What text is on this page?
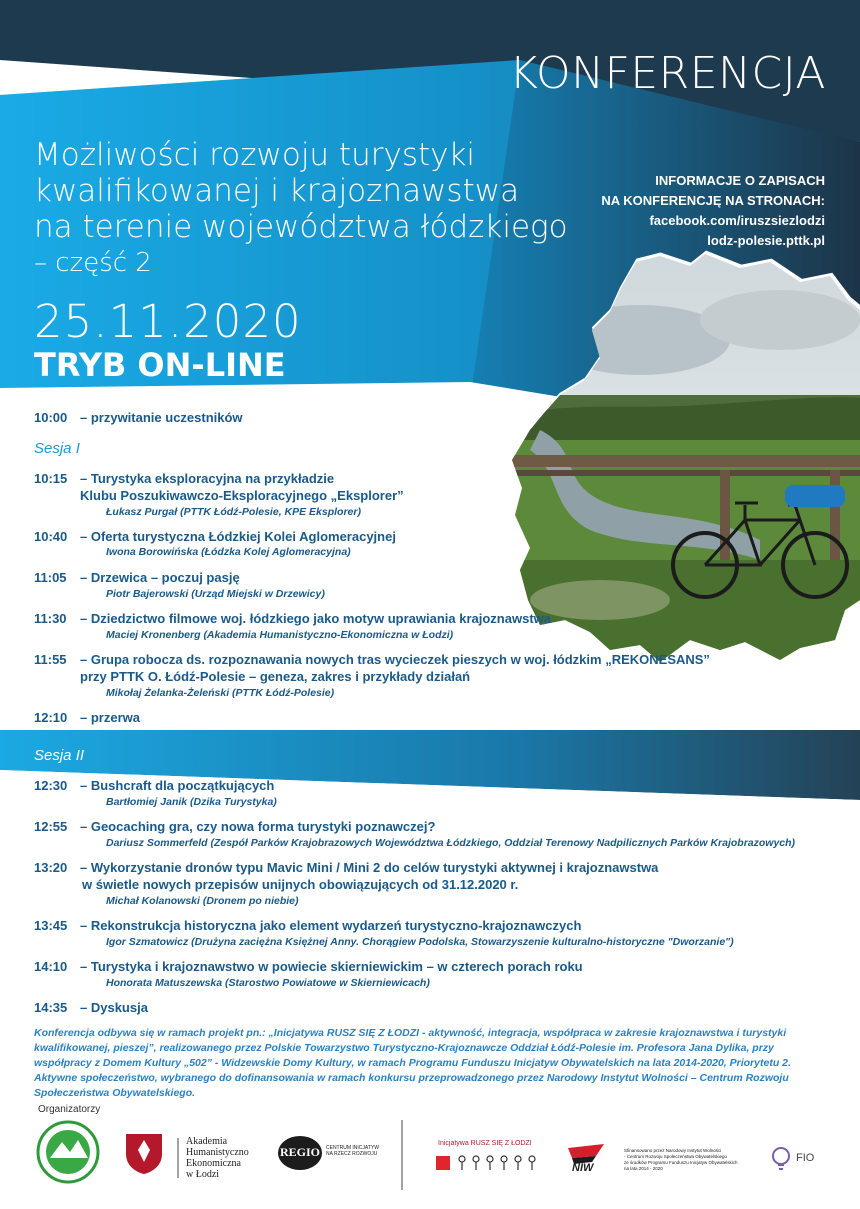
KONFERENCJA
Możliwości rozwoju turystyki
kwalifikowanej i krajoznawstwa
na terenie województwa łódzkiego
– część 2
25.11.2020
TRYB ON-LINE
INFORMACJE O ZAPISACH
NA KONFERENCJĘ NA STRONACH:
facebook.com/iruszsiezlodzi
lodz-polesie.pttk.pl
10:00 – przywitanie uczestników
Sesja I
10:15 – Turystyka eksploracyjna na przykładzie
Klubu Poszukiwawczo-Eksploracyjnego „Eksplorer”
Łukasz Purgał (PTTK Łódź-Polesie, KPE Eksplorer)
10:40 – Oferta turystyczna Łódzkiej Kolei Aglomeracyjnej
Iwona Borowińska (Łódzka Kolej Aglomeracyjna)
11:05 – Drzewica – poczuj pasję
Piotr Bajerowski (Urząd Miejski w Drzewicy)
11:30 – Dziedzictwo filmowe woj. łódzkiego jako motyw uprawiania krajoznawstwa
Maciej Kronenberg (Akademia Humanistyczno-Ekonomiczna w Łodzi)
11:55 – Grupa robocza ds. rozpoznawania nowych tras wycieczek pieszych w woj. łódzkim „REKONESANS”
przy PTTK O. Łódź-Polesie – geneza, zakres i przykłady działań
Mikołaj Żelanka-Żeleński (PTTK Łódź-Polesie)
12:10 – przerwa
Sesja II
12:30 – Bushcraft dla początkujących
Bartłomiej Janik (Dzika Turystyka)
12:55 – Geocaching gra, czy nowa forma turystyki poznawczej?
Dariusz Sommerfeld (Zespół Parków Krajobrazowych Województwa Łódzkiego, Oddział Terenowy Nadpilicznych Parków Krajobrazowych)
13:20 – Wykorzystanie dronów typu Mavic Mini / Mini 2 do celów turystyki aktywnej i krajoznawstwa
w świetle nowych przepisów unijnych obowiązujących od 31.12.2020 r.
Michał Kolanowski (Dronem po niebie)
13:45 – Rekonstrukcja historyczna jako element wydarzeń turystyczno-krajoznawczych
Igor Szmatowicz (Drużyna zaciężna Księżnej Anny. Chorągiew Podolska, Stowarzyszenie kulturalno-historyczne "Dworzanie")
14:10 – Turystyka i krajoznawstwo w powiecie skierniewickim – w czterech porach roku
Honorata Matuszewska (Starostwo Powiatowe w Skierniewicach)
14:35 – Dyskusja
Konferencja odbywa się w ramach projekt pn.: „Inicjatywa RUSZ SIĘ Z ŁODZI - aktywność, integracja, współpraca w zakresie krajoznawstwa i turystyki kwalifikowanej, pieszej”, realizowanego przez Polskie Towarzystwo Turystyczno-Krajoznawcze Oddział Łódź-Polesie im. Profesora Jana Dylika, przy współpracy z Domem Kultury „502” - Widzewskie Domy Kultury, w ramach Programu Funduszu Inicjatyw Obywatelskich na lata 2014-2020, Priorytetu 2. Aktywne społeczeństwo, wybranego do dofinansowania w ramach konkursu przeprowadzonego przez Narodowy Instytut Wolności – Centrum Rozwoju Społeczeństwa Obywatelskiego.
Organizatorzy
Akademia
Humanistyczno
Ekonomiczna
w Łodzi
REGIO CENTRUM INICJATYW
NA RZECZ ROZWOJU
Inicjatywa RUSZ SIĘ Z ŁODZI
NIW
Sfinansowano przez Narodowy Instytut Wolności
- Centrum Rozwoju Społeczeństwa Obywatelskiego
ze środków Programu Funduszu Inicjatyw Obywatelskich
na lata 2014 - 2020
FIO
